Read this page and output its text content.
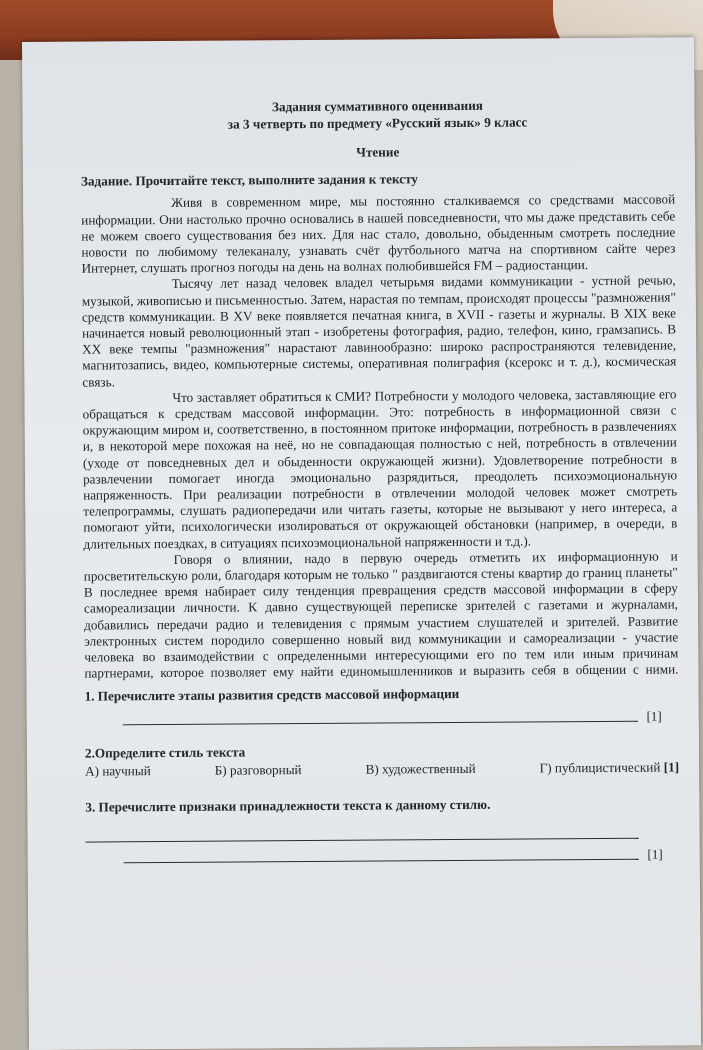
Задания суммативного оценивания
за 3 четверть по предмету «Русский язык» 9 класс
Чтение
Задание. Прочитайте текст, выполните задания к тексту
Живя в современном мире, мы постоянно сталкиваемся со средствами массовой информации. Они настолько прочно основались в нашей повседневности, что мы даже представить себе не можем своего существования без них. Для нас стало, довольно, обыденным смотреть последние новости по любимому телеканалу, узнавать счёт футбольного матча на спортивном сайте через Интернет, слушать прогноз погоды на день на волнах полюбившейся FM – радиостанции.
Тысячу лет назад человек владел четырьмя видами коммуникации - устной речью, музыкой, живописью и письменностью. Затем, нарастая по темпам, происходят процессы "размножения" средств коммуникации. В XV веке появляется печатная книга, в XVII - газеты и журналы. В XIX веке начинается новый революционный этап - изобретены фотография, радио, телефон, кино, грамзапись. В XX веке темпы "размножения" нарастают лавинообразно: широко распространяются телевидение, магнитозапись, видео, компьютерные системы, оперативная полиграфия (ксерокс и т. д.), космическая связь.
Что заставляет обратиться к СМИ? Потребности у молодого человека, заставляющие его обращаться к средствам массовой информации. Это: потребность в информационной связи с окружающим миром и, соответственно, в постоянном притоке информации, потребность в развлечениях и, в некоторой мере похожая на неё, но не совпадающая полностью с ней, потребность в отвлечении (уходе от повседневных дел и обыденности окружающей жизни). Удовлетворение потребности в развлечении помогает иногда эмоционально разрядиться, преодолеть психоэмоциональную напряженность. При реализации потребности в отвлечении молодой человек может смотреть телепрограммы, слушать радиопередачи или читать газеты, которые не вызывают у него интереса, а помогают уйти, психологически изолироваться от окружающей обстановки (например, в очереди, в длительных поездках, в ситуациях психоэмоциональной напряженности и т.д.).
Говоря о влиянии, надо в первую очередь отметить их информационную и просветительскую роли, благодаря которым не только " раздвигаются стены квартир до границ планеты" В последнее время набирает силу тенденция превращения средств массовой информации в сферу самореализации личности. К давно существующей переписке зрителей с газетами и журналами, добавились передачи радио и телевидения с прямым участием слушателей и зрителей. Развитие электронных систем породило совершенно новый вид коммуникации и самореализации - участие человека во взаимодействии с определенными интересующими его по тем или иным причинам партнерами, которое позволяет ему найти единомышленников и выразить себя в общении с ними.
1. Перечислите этапы развития средств массовой информации
[1]
2.Определите стиль текста
А) научный	Б) разговорный	В) художественный	Г) публицистический [1]
3. Перечислите признаки принадлежности текста к данному стилю.
[1]
